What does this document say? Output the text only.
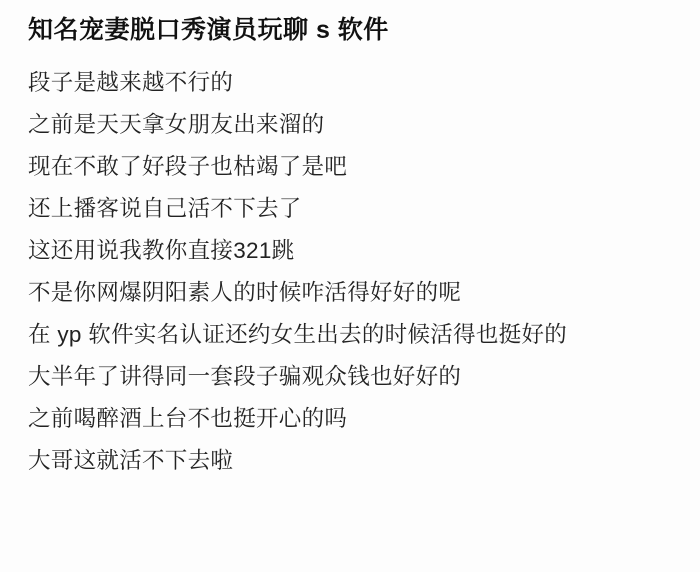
知名宠妻脱口秀演员玩聊 s 软件
段子是越来越不行的
之前是天天拿女朋友出来溜的
现在不敢了好段子也枯竭了是吧
还上播客说自己活不下去了
这还用说我教你直接321跳
不是你网爆阴阳素人的时候咋活得好好的呢
在 yp 软件实名认证还约女生出去的时候活得也挺好的
大半年了讲得同一套段子骗观众钱也好好的
之前喝醉酒上台不也挺开心的吗
大哥这就活不下去啦
